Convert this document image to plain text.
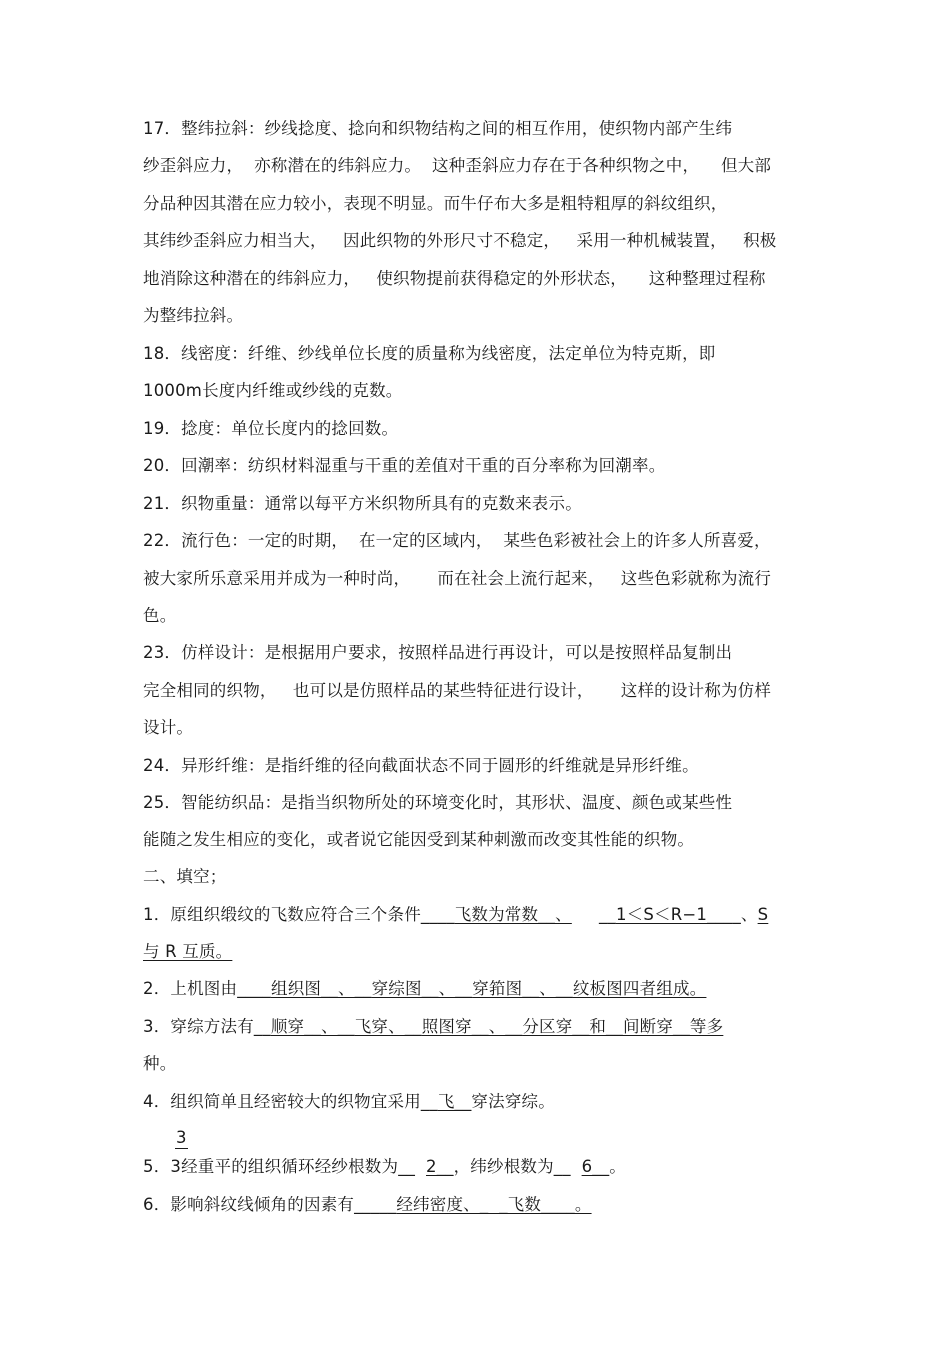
17．整纬拉斜：纱线捻度、捻向和织物结构之间的相互作用，使织物内部产生纬
纱歪斜应力，  亦称潜在的纬斜应力。  这种歪斜应力存在于各种织物之中，    但大部
分品种因其潜在应力较小，表现不明显。而牛仔布大多是粗特粗厚的斜纹组织，
其纬纱歪斜应力相当大，   因此织物的外形尺寸不稳定，   采用一种机械装置，   积极
地消除这种潜在的纬斜应力，   使织物提前获得稳定的外形状态，    这种整理过程称
为整纬拉斜。
18．线密度：纤维、纱线单位长度的质量称为线密度，法定单位为特克斯，即
1000m长度内纤维或纱线的克数。
19．捻度：单位长度内的捻回数。
20．回潮率：纺织材料湿重与干重的差值对干重的百分率称为回潮率。
21．织物重量：通常以每平方米织物所具有的克数来表示。
22．流行色：一定的时期，  在一定的区域内，  某些色彩被社会上的许多人所喜爱，
被大家所乐意采用并成为一种时尚，     而在社会上流行起来，   这些色彩就称为流行
色。
23．仿样设计：是根据用户要求，按照样品进行再设计，可以是按照样品复制出
完全相同的织物，   也可以是仿照样品的某些特征进行设计，     这样的设计称为仿样
设计。
24．异形纤维：是指纤维的径向截面状态不同于圆形的纤维就是异形纤维。
25．智能纺织品：是指当织物所处的环境变化时，其形状、温度、颜色或某些性
能随之发生相应的变化，或者说它能因受到某种刺激而改变其性能的织物。
二、填空；
1．原组织缎纹的飞数应符合三个条件____飞数为常数__、     __1＜S＜R−1____、S
与 R 互质。
2．上机图由____组织图__、__穿综图__、__穿筘图__、__纹板图四者组成。
3．穿综方法有__顺穿__、__飞穿、__照图穿__、__分区穿__和__间断穿__等多
种。
4．组织简单且经密较大的织物宜采用__飞__穿法穿综。
3
5．3经重平的组织循环经纱根数为__  2__，纬纱根数为__  6__。
6．影响斜纹线倾角的因素有_____经纬密度、_  _飞数____。
